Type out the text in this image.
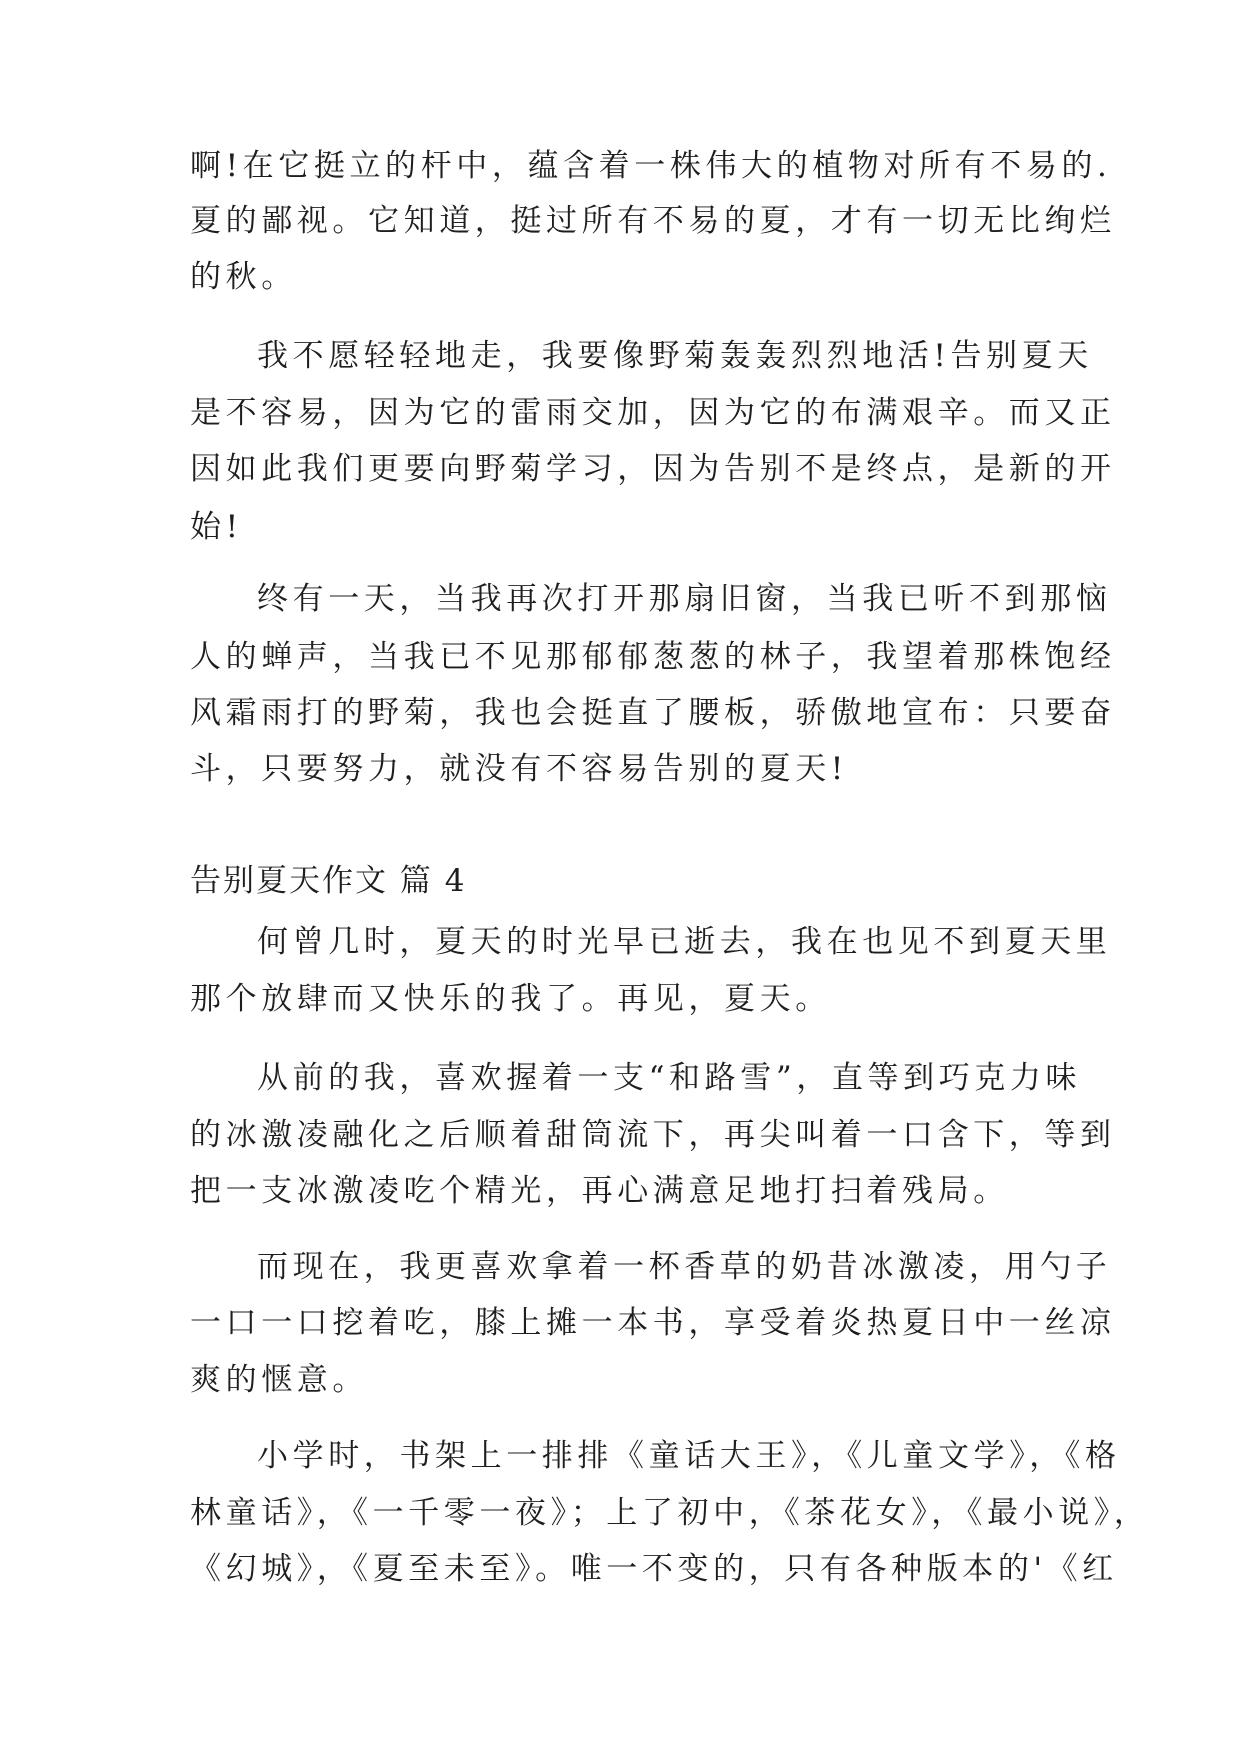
啊!在它挺立的杆中，蕴含着一株伟大的植物对所有不易的.

夏的鄙视。它知道，挺过所有不易的夏，才有一切无比绚烂

的秋。

我不愿轻轻地走，我要像野菊轰轰烈烈地活!告别夏天

是不容易，因为它的雷雨交加，因为它的布满艰辛。而又正

因如此我们更要向野菊学习，因为告别不是终点，是新的开

始!

终有一天，当我再次打开那扇旧窗，当我已听不到那恼

人的蝉声，当我已不见那郁郁葱葱的林子，我望着那株饱经

风霜雨打的野菊，我也会挺直了腰板，骄傲地宣布：只要奋

斗，只要努力，就没有不容易告别的夏天!

告别夏天作文 篇 4

何曾几时，夏天的时光早已逝去，我在也见不到夏天里

那个放肆而又快乐的我了。再见，夏天。

从前的我，喜欢握着一支“和路雪”，直等到巧克力味

的冰激凌融化之后顺着甜筒流下，再尖叫着一口含下，等到

把一支冰激凌吃个精光，再心满意足地打扫着残局。

而现在，我更喜欢拿着一杯香草的奶昔冰激凌，用勺子

一口一口挖着吃，膝上摊一本书，享受着炎热夏日中一丝凉

爽的惬意。

小学时，书架上一排排《童话大王》，《儿童文学》，《格

林童话》，《一千零一夜》；上了初中，《茶花女》，《最小说》，

《幻城》，《夏至未至》。唯一不变的，只有各种版本的'《红
